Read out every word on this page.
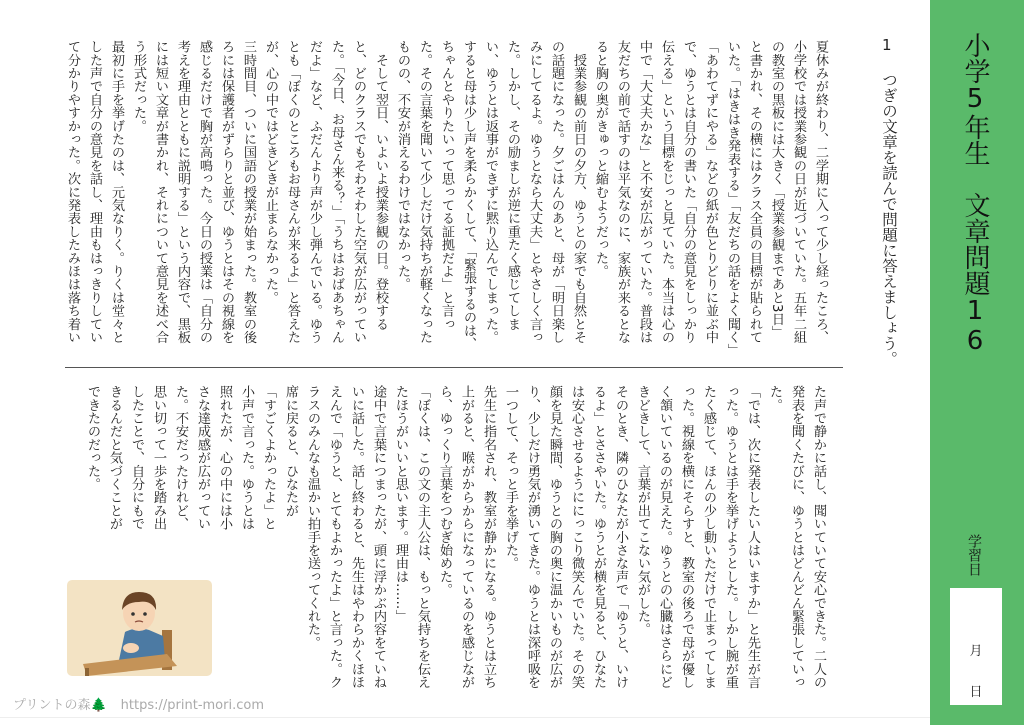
小学5年生　文章問題16
学習日
月
日
1
つぎの文章を読んで問題に答えましょう。
夏休みが終わり、二学期に入って少し経ったころ、
小学校では授業参観の日が近づいていた。五年二組
の教室の黒板には大きく「授業参観まであと3日」
と書かれ、その横にはクラス全員の目標が貼られて
いた。「はきはき発表する」「友だちの話をよく聞く」
「あわてずにやる」などの紙が色とりどりに並ぶ中
で、ゆうとは自分の書いた「自分の意見をしっかり
伝える」という目標をじっと見ていた。本当は心の
中で「大丈夫かな」と不安が広がっていた。普段は
友だちの前で話すのは平気なのに、家族が来るとな
ると胸の奥がきゅっと縮むようだった。
　授業参観の前日の夕方、ゆうとの家でも自然とそ
の話題になった。夕ごはんのあと、母が「明日楽し
みにしてるよ。ゆうとなら大丈夫」とやさしく言っ
た。しかし、その励ましが逆に重たく感じてしま
い、ゆうとは返事ができずに黙り込んでしまった。
すると母は少し声を柔らかくして、「緊張するのは、
ちゃんとやりたいって思ってる証拠だよ」と言っ
た。その言葉を聞いて少しだけ気持ちが軽くなった
ものの、不安が消えるわけではなかった。
　そして翌日、いよいよ授業参観の日。登校する
と、どのクラスでもそわそわした空気が広がってい
た。「今日、お母さん来る？」「うちはおばあちゃん
だよ」など、ふだんより声が少し弾んでいる。ゆう
とも「ぼくのところもお母さんが来るよ」と答えた
が、心の中ではどきどきが止まらなかった。
三時間目、ついに国語の授業が始まった。教室の後
ろには保護者がずらりと並び、ゆうとはその視線を
感じるだけで胸が高鳴った。今日の授業は「自分の
考えを理由とともに説明する」という内容で、黒板
には短い文章が書かれ、それについて意見を述べ合
う形式だった。
最初に手を挙げたのは、元気なりく。りくは堂々と
した声で自分の意見を話し、理由もはっきりしてい
て分かりやすかった。次に発表したみほは落ち着い
た声で静かに話し、聞いていて安心できた。二人の
発表を聞くたびに、ゆうとはどんどん緊張していっ
た。
「では、次に発表したい人はいますか」と先生が言
った。ゆうとは手を挙げようとした。しかし腕が重
たく感じて、ほんの少し動いただけで止まってしま
った。視線を横にそらすと、教室の後ろで母が優し
く頷いているのが見えた。ゆうとの心臓はさらにど
きどきして、言葉が出てこない気がした。
そのとき、隣のひなたが小さな声で「ゆうと、いけ
るよ」とささやいた。ゆうとが横を見ると、ひなた
は安心させるようににっこり微笑んでいた。その笑
顔を見た瞬間、ゆうとの胸の奥に温かいものが広が
り、少しだけ勇気が湧いてきた。ゆうとは深呼吸を
一つして、そっと手を挙げた。
先生に指名され、教室が静かになる。ゆうとは立ち
上がると、喉がからからになっているのを感じなが
ら、ゆっくり言葉をつむぎ始めた。
「ぼくは、この文の主人公は、もっと気持ちを伝え
たほうがいいと思います。理由は……」
途中で言葉につまったが、頭に浮かぶ内容をていね
いに話した。話し終わると、先生はやわらかくほほ
えんで「ゆうと、とてもよかったよ」と言った。ク
ラスのみんなも温かい拍手を送ってくれた。
席に戻ると、ひなたが
「すごくよかったよ」と
小声で言った。ゆうとは
照れたが、心の中には小
さな達成感が広がってい
た。不安だったけれど、
思い切って一歩を踏み出
したことで、自分にもで
きるんだと気づくことが
できたのだった。
プリントの森🌲 https://print-mori.com
